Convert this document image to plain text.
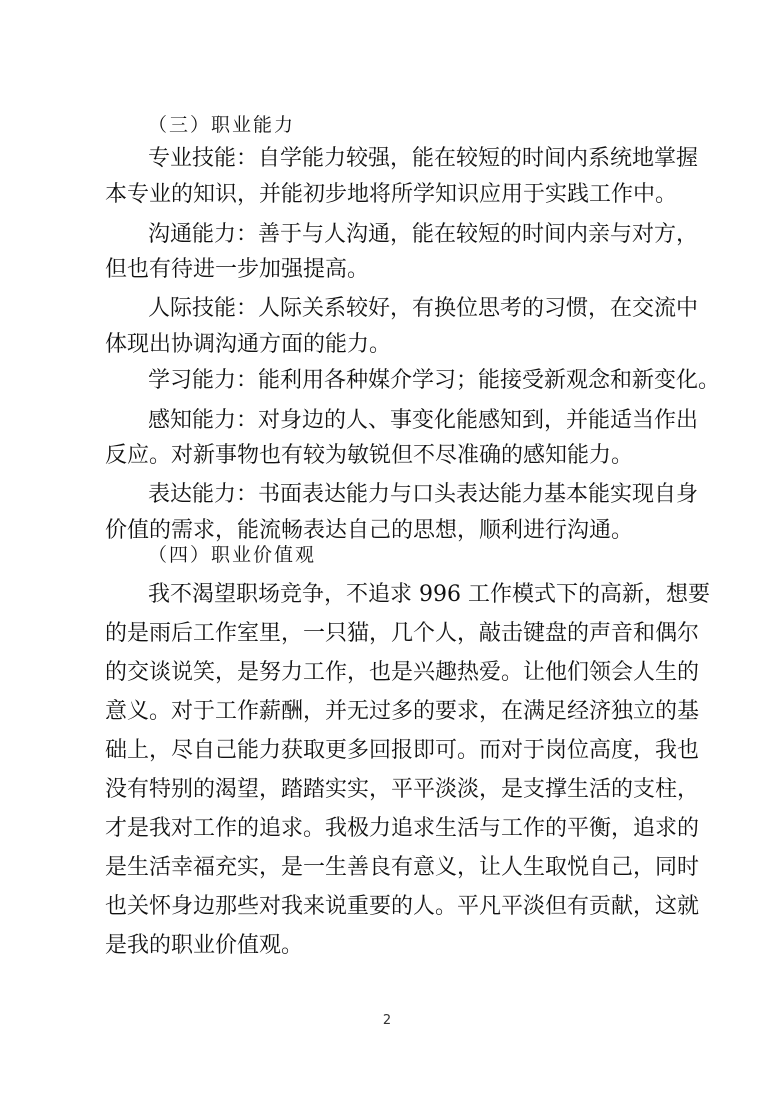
（三）职业能力
专业技能：自学能力较强，能在较短的时间内系统地掌握
本专业的知识，并能初步地将所学知识应用于实践工作中。
沟通能力：善于与人沟通，能在较短的时间内亲与对方，
但也有待进一步加强提高。
人际技能：人际关系较好，有换位思考的习惯，在交流中
体现出协调沟通方面的能力。
学习能力：能利用各种媒介学习；能接受新观念和新变化。
感知能力：对身边的人、事变化能感知到，并能适当作出
反应。对新事物也有较为敏锐但不尽准确的感知能力。
表达能力：书面表达能力与口头表达能力基本能实现自身
价值的需求，能流畅表达自己的思想，顺利进行沟通。
（四）职业价值观
我不渴望职场竞争，不追求 996 工作模式下的高新，想要
的是雨后工作室里，一只猫，几个人，敲击键盘的声音和偶尔
的交谈说笑，是努力工作，也是兴趣热爱。让他们领会人生的
意义。对于工作薪酬，并无过多的要求，在满足经济独立的基
础上，尽自己能力获取更多回报即可。而对于岗位高度，我也
没有特别的渴望，踏踏实实，平平淡淡，是支撑生活的支柱，
才是我对工作的追求。我极力追求生活与工作的平衡，追求的
是生活幸福充实，是一生善良有意义，让人生取悦自己，同时
也关怀身边那些对我来说重要的人。平凡平淡但有贡献，这就
是我的职业价值观。
2
